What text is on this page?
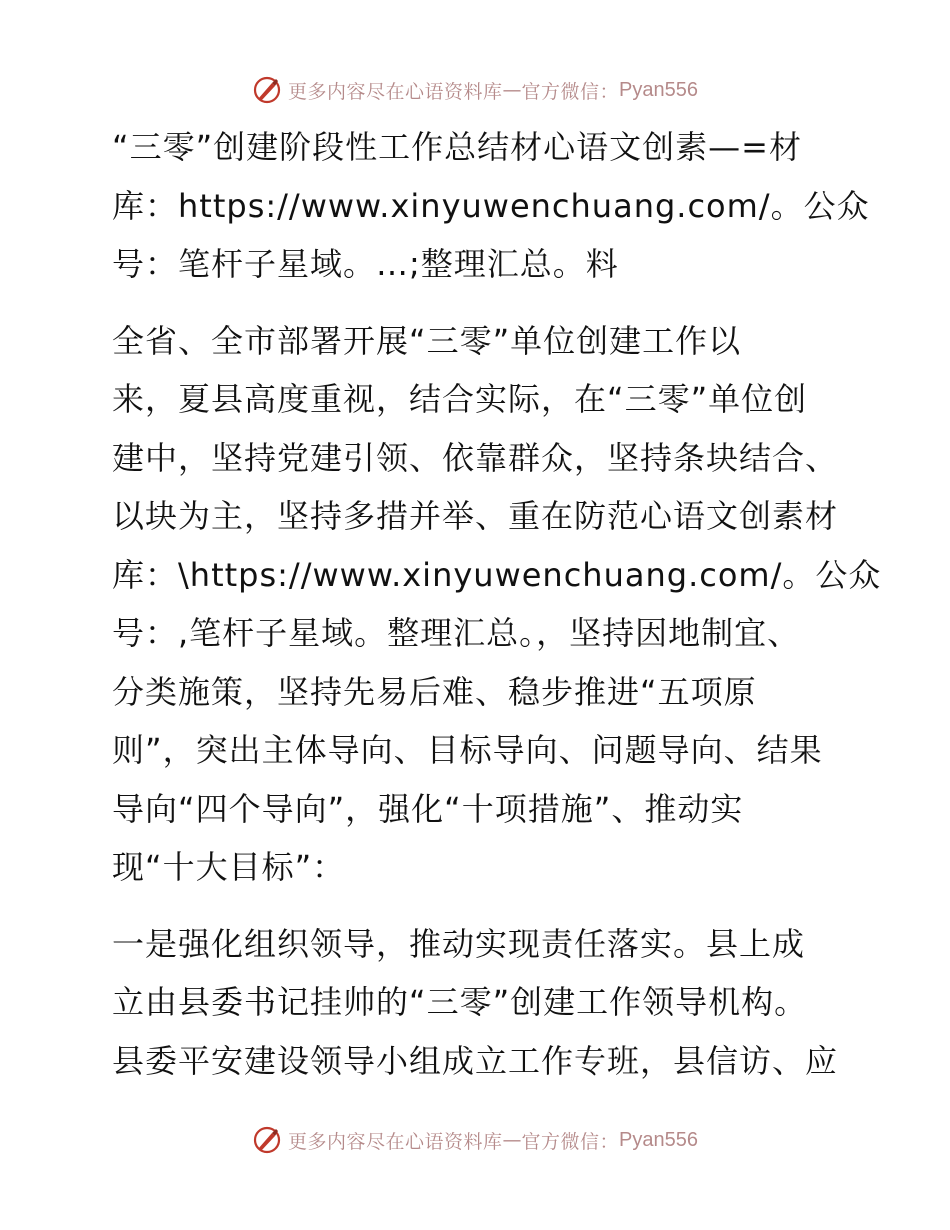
更多内容尽在心语资料库 — 官方微信： Pyan556

“三零”创建阶段性工作总结材心语文创素—=材
库：https://www.xinyuwenchuang.com/。公众
号：笔杆子星域。…;整理汇总。料

全省、全市部署开展“三零”单位创建工作以
来，夏县高度重视，结合实际，在“三零”单位创
建中，坚持党建引领、依靠群众，坚持条块结合、
以块为主，坚持多措并举、重在防范心语文创素材
库：\https://www.xinyuwenchuang.com/。公众
号：,笔杆子星域。整理汇总。，坚持因地制宜、
分类施策，坚持先易后难、稳步推进“五项原
则”，突出主体导向、目标导向、问题导向、结果
导向“四个导向”，强化“十项措施”、推动实
现“十大目标”：

一是强化组织领导，推动实现责任落实。县上成
立由县委书记挂帅的“三零”创建工作领导机构。
县委平安建设领导小组成立工作专班，县信访、应

更多内容尽在心语资料库 — 官方微信： Pyan556
